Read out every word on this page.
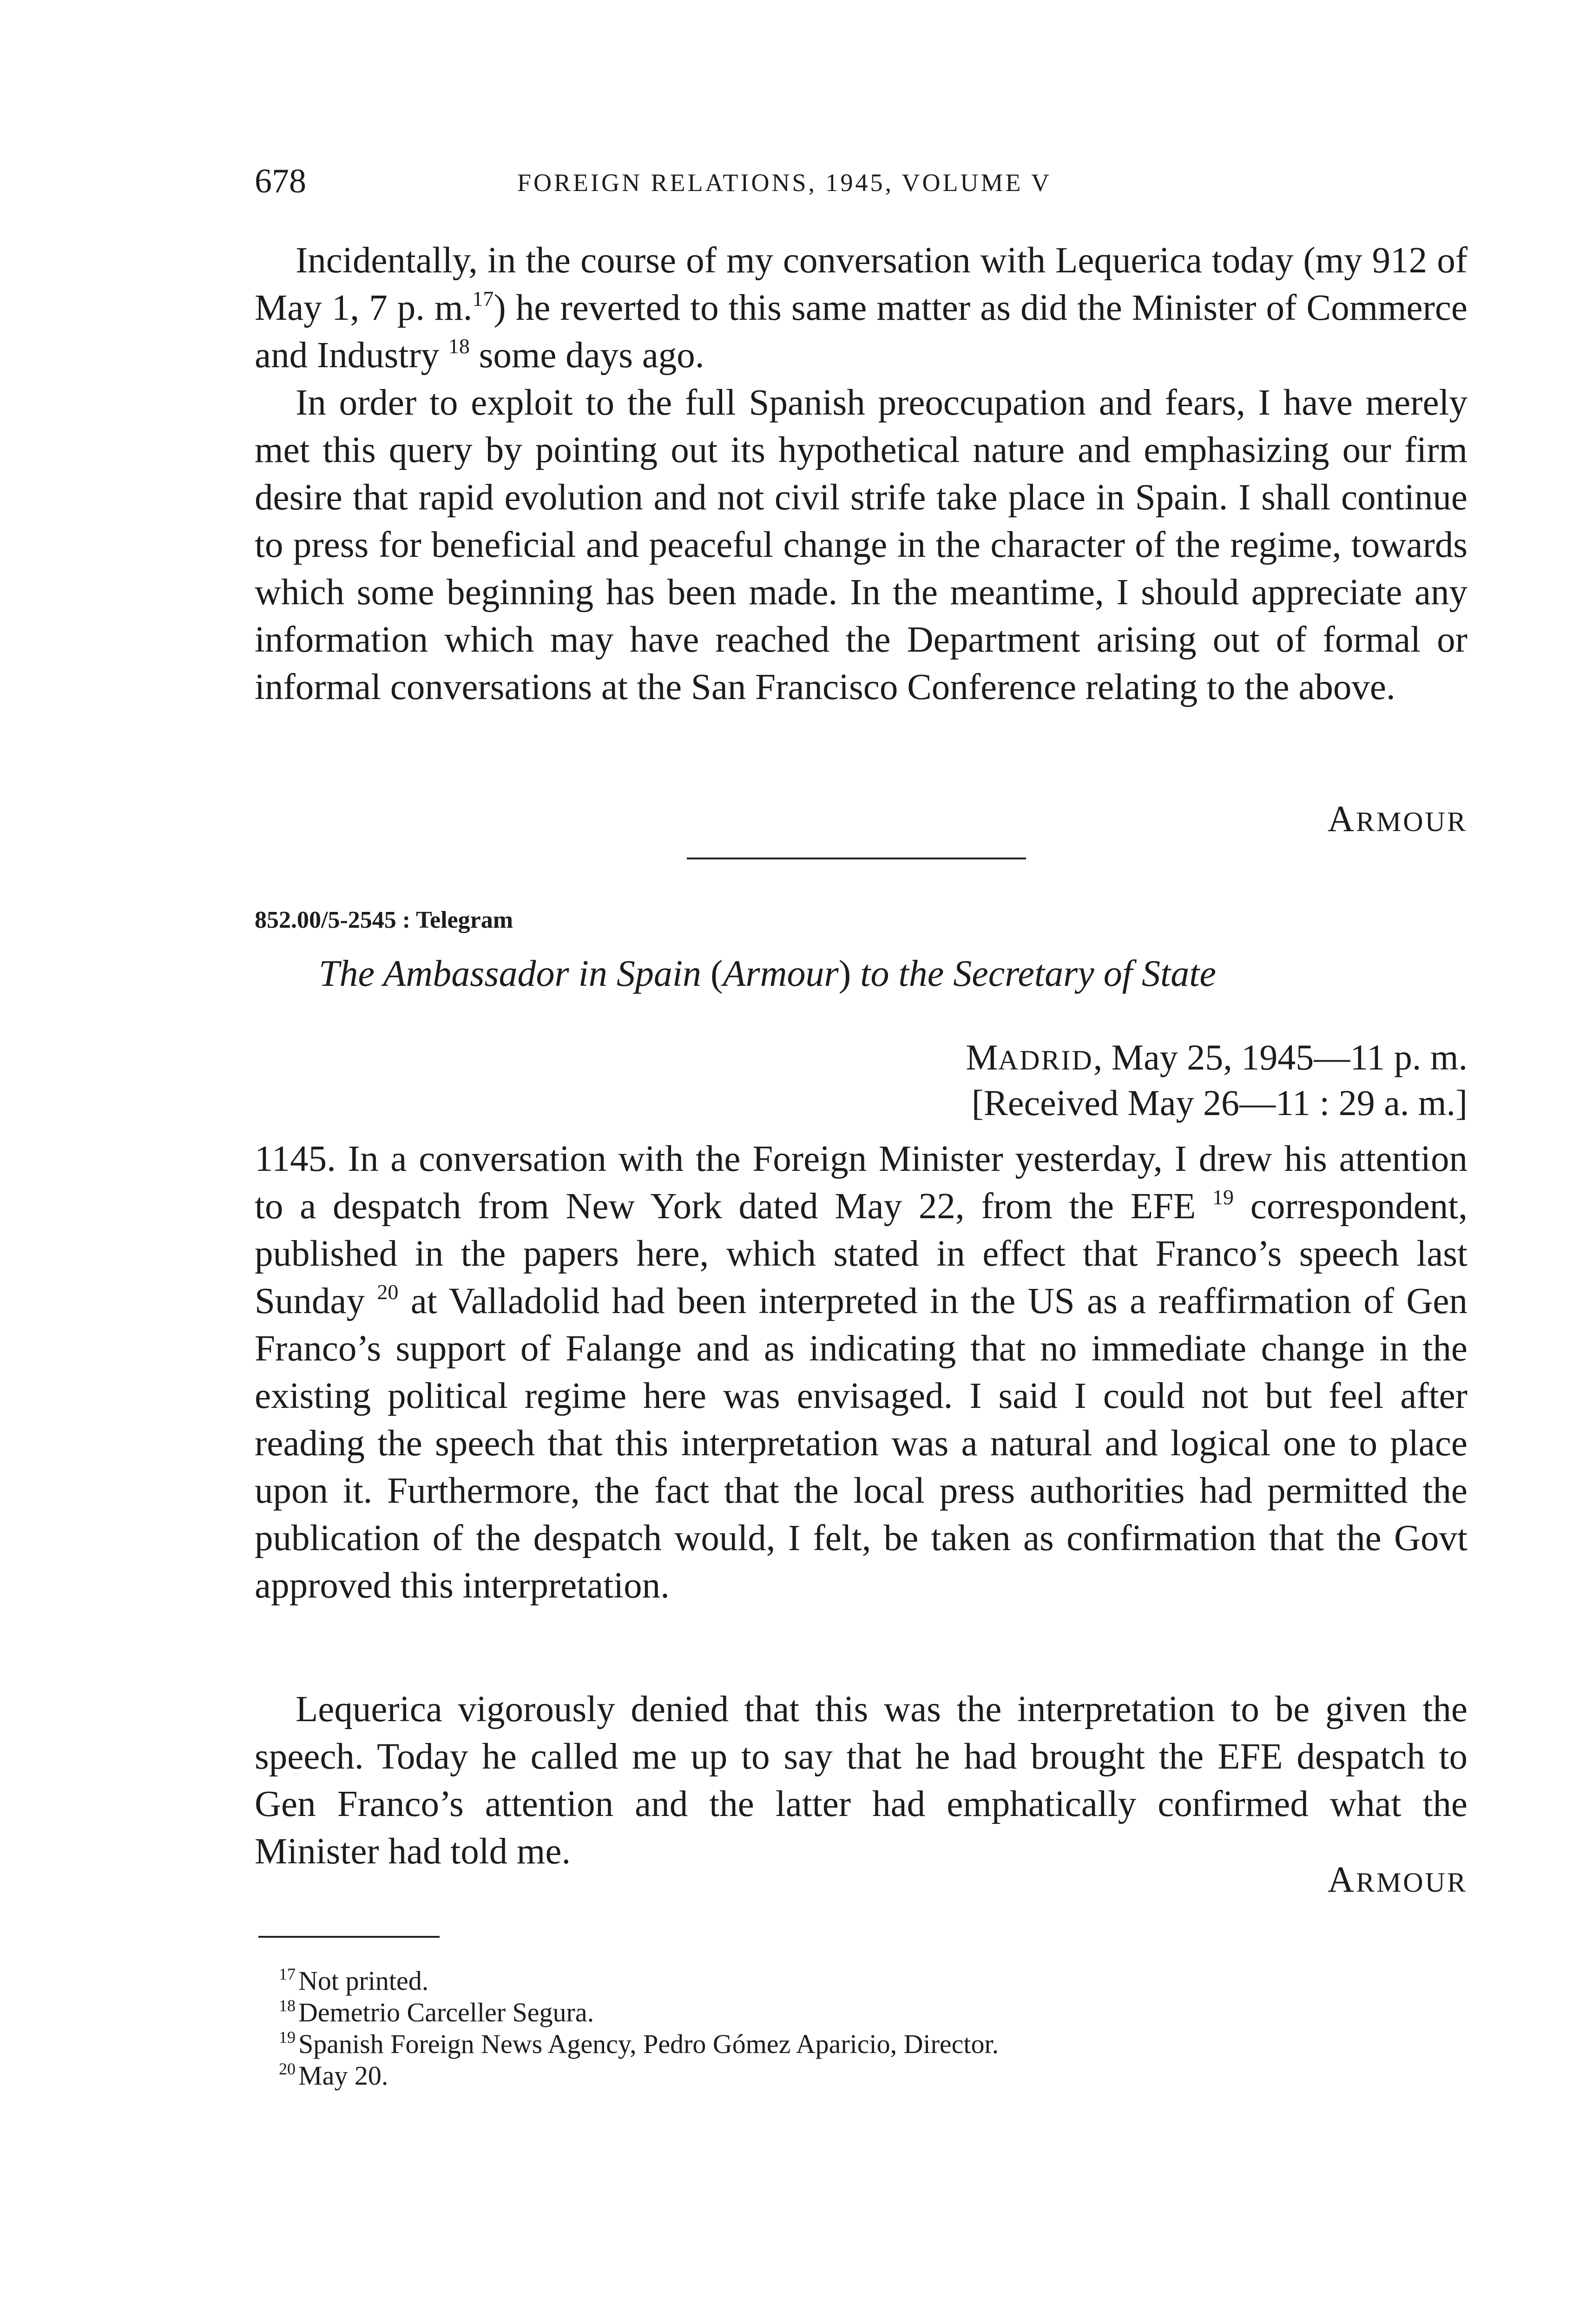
678	FOREIGN RELATIONS, 1945, VOLUME V
Incidentally, in the course of my conversation with Lequerica today (my 912 of May 1, 7 p. m.$^{17}$) he reverted to this same matter as did the Minister of Commerce and Industry $^{18}$ some days ago.
In order to exploit to the full Spanish preoccupation and fears, I have merely met this query by pointing out its hypothetical nature and emphasizing our firm desire that rapid evolution and not civil strife take place in Spain. I shall continue to press for beneficial and peaceful change in the character of the regime, towards which some beginning has been made. In the meantime, I should appreciate any information which may have reached the Department arising out of formal or informal conversations at the San Francisco Conference relating to the above.
ARMOUR
852.00/5-2545 : Telegram
The Ambassador in Spain (Armour) to the Secretary of State
MADRID, May 25, 1945—11 p. m.
[Received May 26—11 : 29 a. m.]
1145. In a conversation with the Foreign Minister yesterday, I drew his attention to a despatch from New York dated May 22, from the EFE $^{19}$ correspondent, published in the papers here, which stated in effect that Franco’s speech last Sunday $^{20}$ at Valladolid had been interpreted in the US as a reaffirmation of Gen Franco’s support of Falange and as indicating that no immediate change in the existing political regime here was envisaged. I said I could not but feel after reading the speech that this interpretation was a natural and logical one to place upon it. Furthermore, the fact that the local press authorities had permitted the publication of the despatch would, I felt, be taken as confirmation that the Govt approved this interpretation.
Lequerica vigorously denied that this was the interpretation to be given the speech. Today he called me up to say that he had brought the EFE despatch to Gen Franco’s attention and the latter had emphatically confirmed what the Minister had told me.
ARMOUR
$^{17}$ Not printed.
$^{18}$ Demetrio Carceller Segura.
$^{19}$ Spanish Foreign News Agency, Pedro Gómez Aparicio, Director.
$^{20}$ May 20.
